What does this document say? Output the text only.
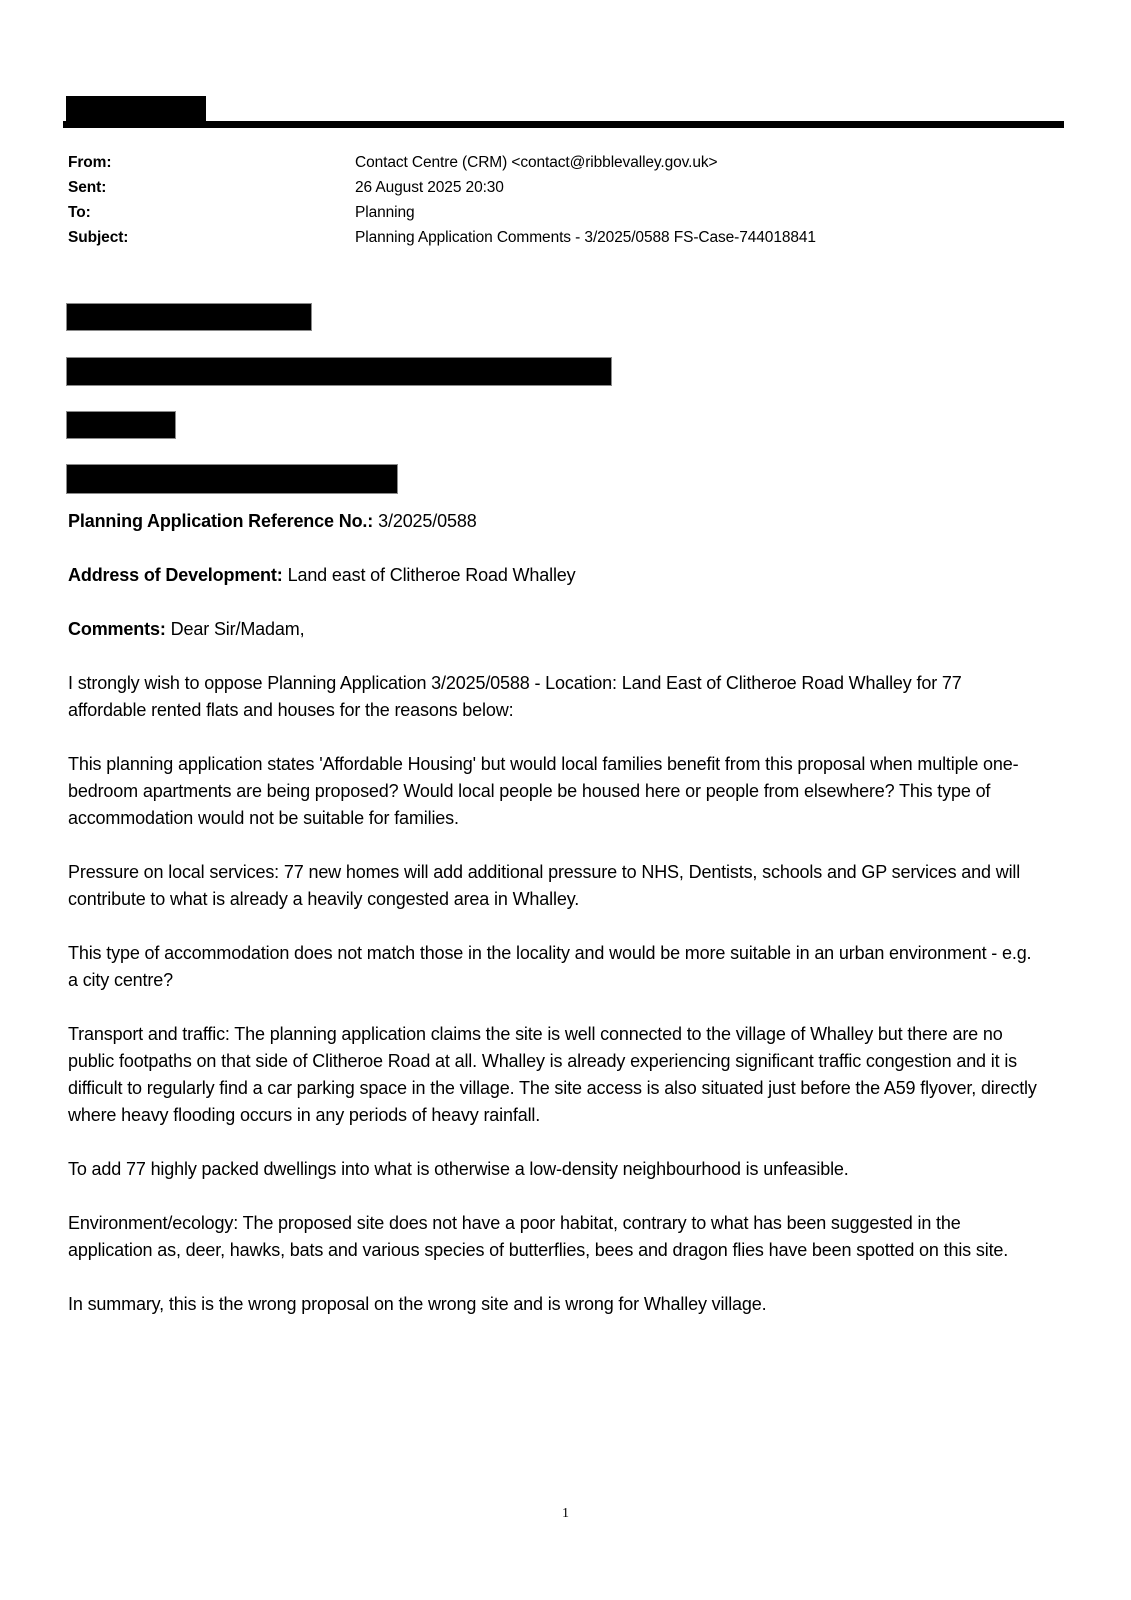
From:	Contact Centre (CRM) <contact@ribblevalley.gov.uk>
Sent:	26 August 2025 20:30
To:	Planning
Subject:	Planning Application Comments - 3/2025/0588 FS-Case-744018841

Planning Application Reference No.: 3/2025/0588

Address of Development: Land east of Clitheroe Road Whalley

Comments: Dear Sir/Madam,

I strongly wish to oppose Planning Application 3/2025/0588 - Location: Land East of Clitheroe Road Whalley for 77 affordable rented flats and houses for the reasons below:

This planning application states 'Affordable Housing' but would local families benefit from this proposal when multiple one-bedroom apartments are being proposed? Would local people be housed here or people from elsewhere? This type of accommodation would not be suitable for families.

Pressure on local services: 77 new homes will add additional pressure to NHS, Dentists, schools and GP services and will contribute to what is already a heavily congested area in Whalley.

This type of accommodation does not match those in the locality and would be more suitable in an urban environment - e.g. a city centre?

Transport and traffic: The planning application claims the site is well connected to the village of Whalley but there are no public footpaths on that side of Clitheroe Road at all. Whalley is already experiencing significant traffic congestion and it is difficult to regularly find a car parking space in the village. The site access is also situated just before the A59 flyover, directly where heavy flooding occurs in any periods of heavy rainfall.

To add 77 highly packed dwellings into what is otherwise a low-density neighbourhood is unfeasible.

Environment/ecology: The proposed site does not have a poor habitat, contrary to what has been suggested in the application as, deer, hawks, bats and various species of butterflies, bees and dragon flies have been spotted on this site.

In summary, this is the wrong proposal on the wrong site and is wrong for Whalley village.

1
